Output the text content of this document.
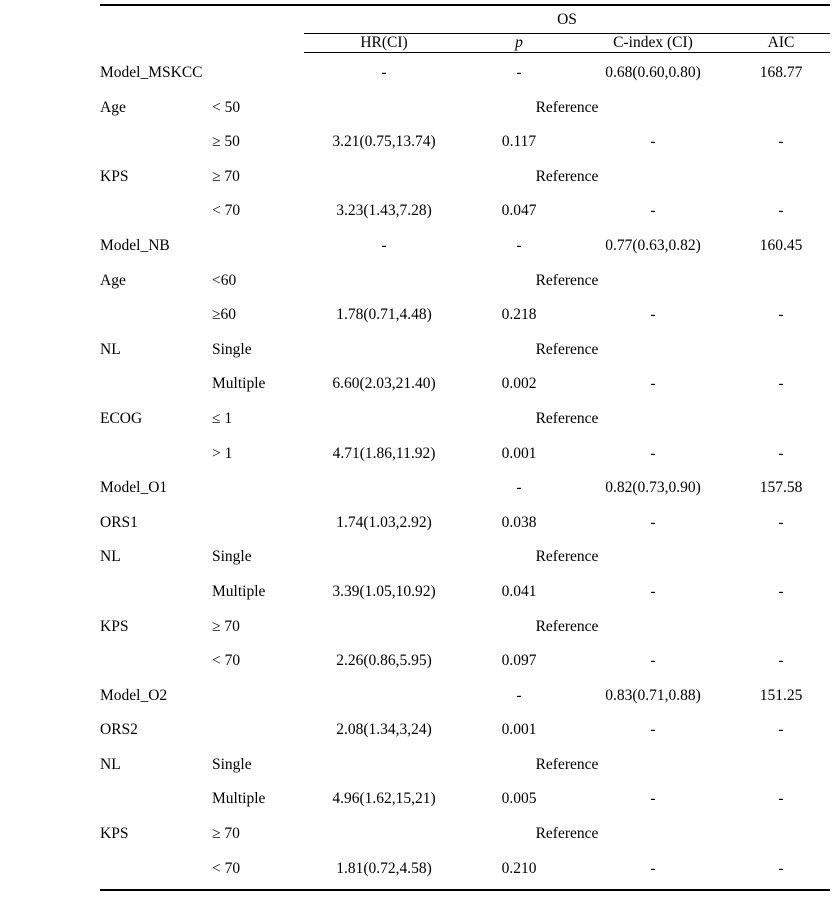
		OS			
		HR(CI)	p	C-index (CI)	AIC

Model_MSKCC		-	-	0.68(0.60,0.80)	168.77
Age	< 50	Reference			
	≥ 50	3.21(0.75,13.74)	0.117	-	-
KPS	≥ 70	Reference			
	< 70	3.23(1.43,7.28)	0.047	-	-
Model_NB		-	-	0.77(0.63,0.82)	160.45
Age	<60	Reference			
	≥60	1.78(0.71,4.48)	0.218	-	-
NL	Single	Reference			
	Multiple	6.60(2.03,21.40)	0.002	-	-
ECOG	≤ 1	Reference			
	> 1	4.71(1.86,11.92)	0.001	-	-
Model_O1			-	0.82(0.73,0.90)	157.58
ORS1		1.74(1.03,2.92)	0.038	-	-
NL	Single	Reference			
	Multiple	3.39(1.05,10.92)	0.041	-	-
KPS	≥ 70	Reference			
	< 70	2.26(0.86,5.95)	0.097	-	-
Model_O2			-	0.83(0.71,0.88)	151.25
ORS2		2.08(1.34,3,24)	0.001	-	-
NL	Single	Reference			
	Multiple	4.96(1.62,15,21)	0.005	-	-
KPS	≥ 70	Reference			
	< 70	1.81(0.72,4.58)	0.210	-	-
